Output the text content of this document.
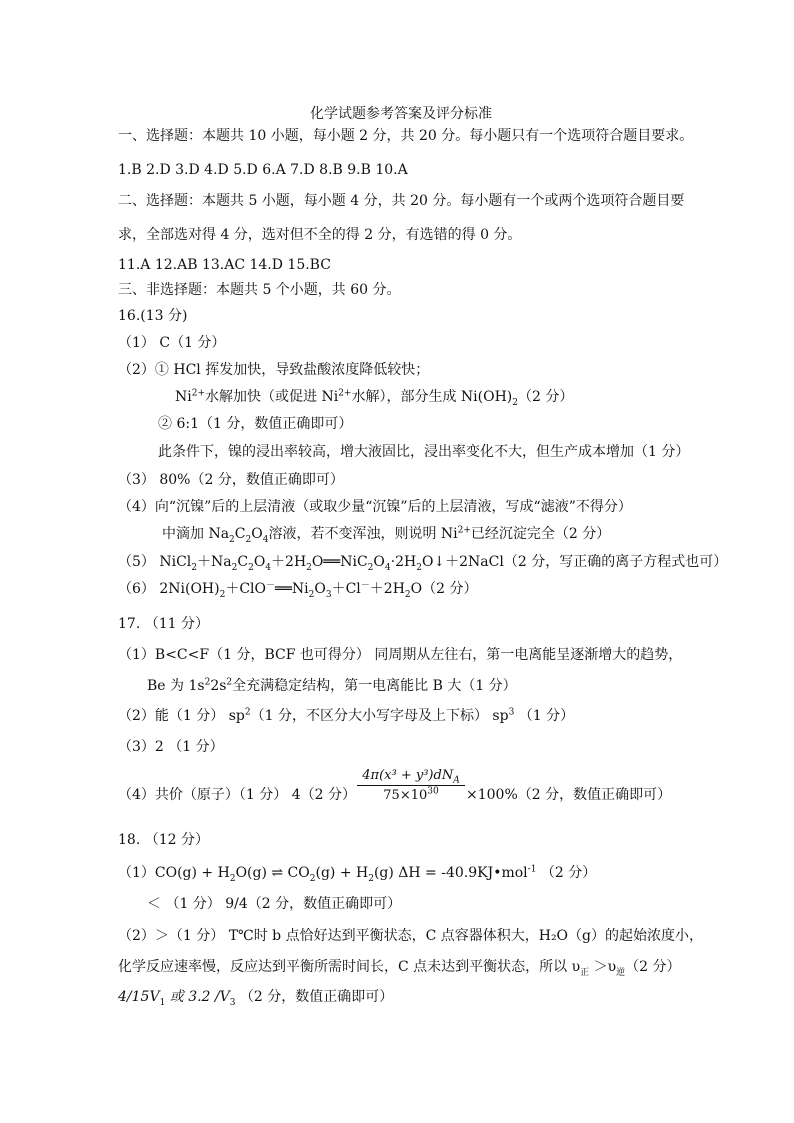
化学试题参考答案及评分标准
一、选择题：本题共 10 小题，每小题 2 分，共 20 分。每小题只有一个选项符合题目要求。
1.B 2.D 3.D 4.D 5.D 6.A 7.D 8.B 9.B 10.A
二、选择题：本题共 5 小题，每小题 4 分，共 20 分。每小题有一个或两个选项符合题目要
求，全部选对得 4 分，选对但不全的得 2 分，有选错的得 0 分。
11.A 12.AB 13.AC 14.D 15.BC
三、非选择题：本题共 5 个小题，共 60 分。
16.(13 分)
（1） C（1 分）
（2）① HCl 挥发加快，导致盐酸浓度降低较快；
$Ni^{2+}$水解加快（或促进 $Ni^{2+}$水解），部分生成 $Ni(OH)_2(2$ 分）
② 6:1（1 分，数值正确即可）
此条件下，镍的浸出率较高，增大液固比，浸出率变化不大，但生产成本增加（1 分）
（3） 80%（2 分，数值正确即可）
（4）向“沉镍”后的上层清液（或取少量“沉镍”后的上层清液，写成“滤液”不得分）
中滴加 $Na_2C_2O_4$溶液，若不变浑浊，则说明 $Ni^{2+}$已经沉淀完全（2 分）
（5） $NiCl_2+Na_2C_2O_4+2H_2O══NiC_2O_4\cdot 2H_2O↓+2NaCl(2$ 分，写正确的离子方程式也可）
（6） $2Ni(OH)_2+ClO^-══Ni_2O_3+Cl^-+2H_2O(2$ 分）
17. （11 分）
（1）B<C<F（1 分，BCF 也可得分） 同周期从左往右，第一电离能呈逐渐增大的趋势，
Be 为 $1s^22s^2$全充满稳定结构，第一电离能比 B 大（1 分）
（2）能（1 分） $sp^2(1$ 分，不区分大小写字母及上下标） $sp^3$ （1 分）
（3）2 （1 分）
（4）共价（原子）（1 分） 4（2 分）
$4\pi(x^3 + y^3)dN_A$
$75\times 10^{30}$	×100%（2 分，数值正确即可）
18. （12 分）
$(1)CO(g) + H_2O(g)$ ⇌ $CO_2(g) + H_2(g) \Delta H$ = -40.9KJ•mol$^{-1}$ （2 分）
＜ （1 分） 9/4（2 分，数值正确即可）
（2）＞（1 分） T℃时 b 点恰好达到平衡状态，C 点容器体积大，H₂O（g）的起始浓度小，
化学反应速率慢，反应达到平衡所需时间长，C 点未达到平衡状态，所以 $\upsilon_正 >\upsilon_逆(2$ 分）
$4/15V_1$ 或 3.2 $/V_3$ （2 分，数值正确即可）
